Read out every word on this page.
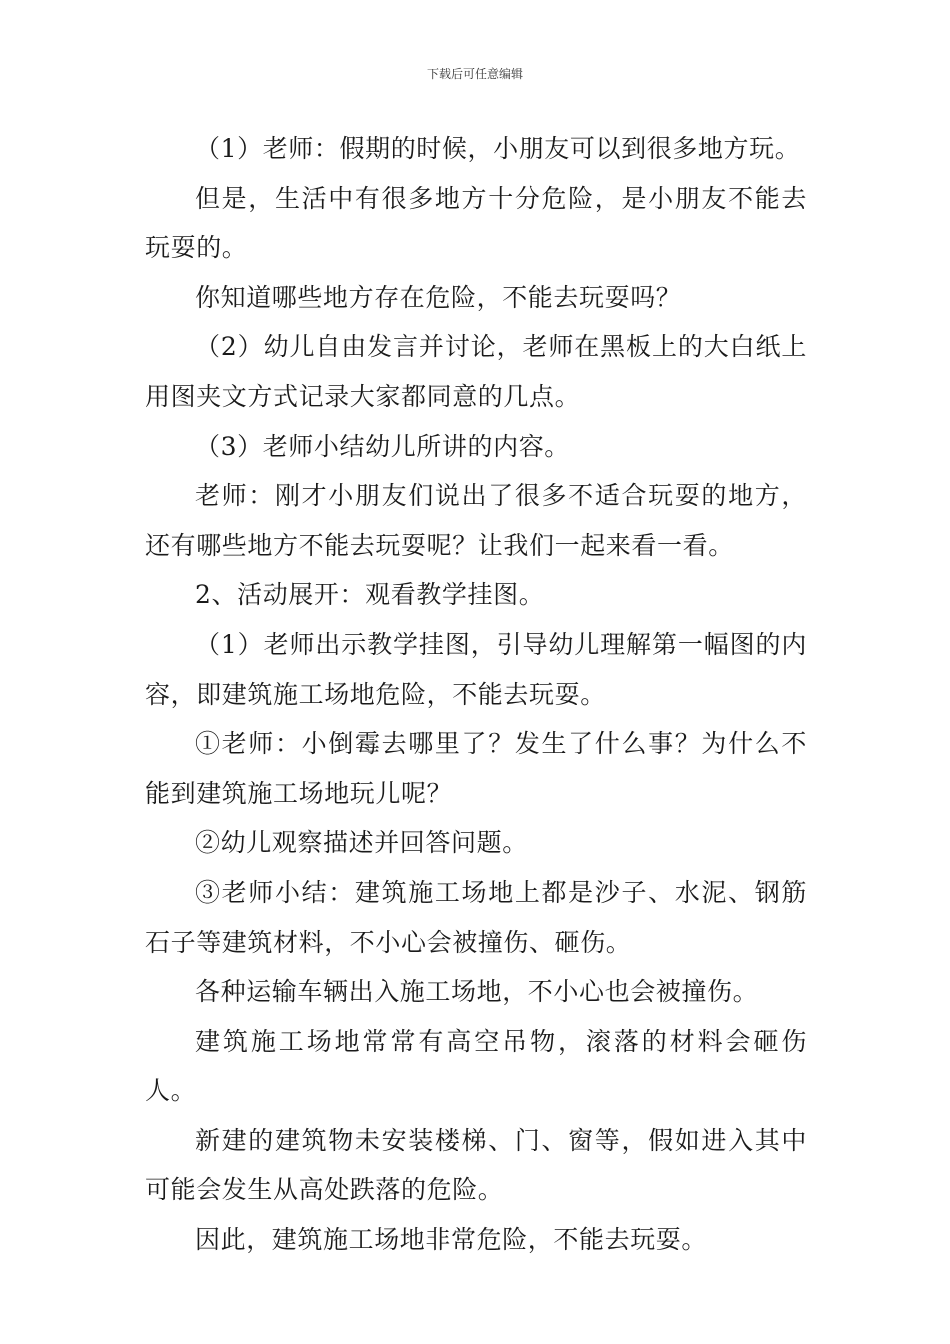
下载后可任意编辑

（1）老师：假期的时候，小朋友可以到很多地方玩。

但是，生活中有很多地方十分危险，是小朋友不能去玩耍的。

你知道哪些地方存在危险，不能去玩耍吗？

（2）幼儿自由发言并讨论，老师在黑板上的大白纸上用图夹文方式记录大家都同意的几点。

（3）老师小结幼儿所讲的内容。

老师：刚才小朋友们说出了很多不适合玩耍的地方，还有哪些地方不能去玩耍呢？让我们一起来看一看。

2、活动展开：观看教学挂图。

（1）老师出示教学挂图，引导幼儿理解第一幅图的内容，即建筑施工场地危险，不能去玩耍。

①老师：小倒霉去哪里了？发生了什么事？为什么不能到建筑施工场地玩儿呢？

②幼儿观察描述并回答问题。

③老师小结：建筑施工场地上都是沙子、水泥、钢筋石子等建筑材料，不小心会被撞伤、砸伤。

各种运输车辆出入施工场地，不小心也会被撞伤。

建筑施工场地常常有高空吊物，滚落的材料会砸伤人。

新建的建筑物未安装楼梯、门、窗等，假如进入其中可能会发生从高处跌落的危险。

因此，建筑施工场地非常危险，不能去玩耍。
